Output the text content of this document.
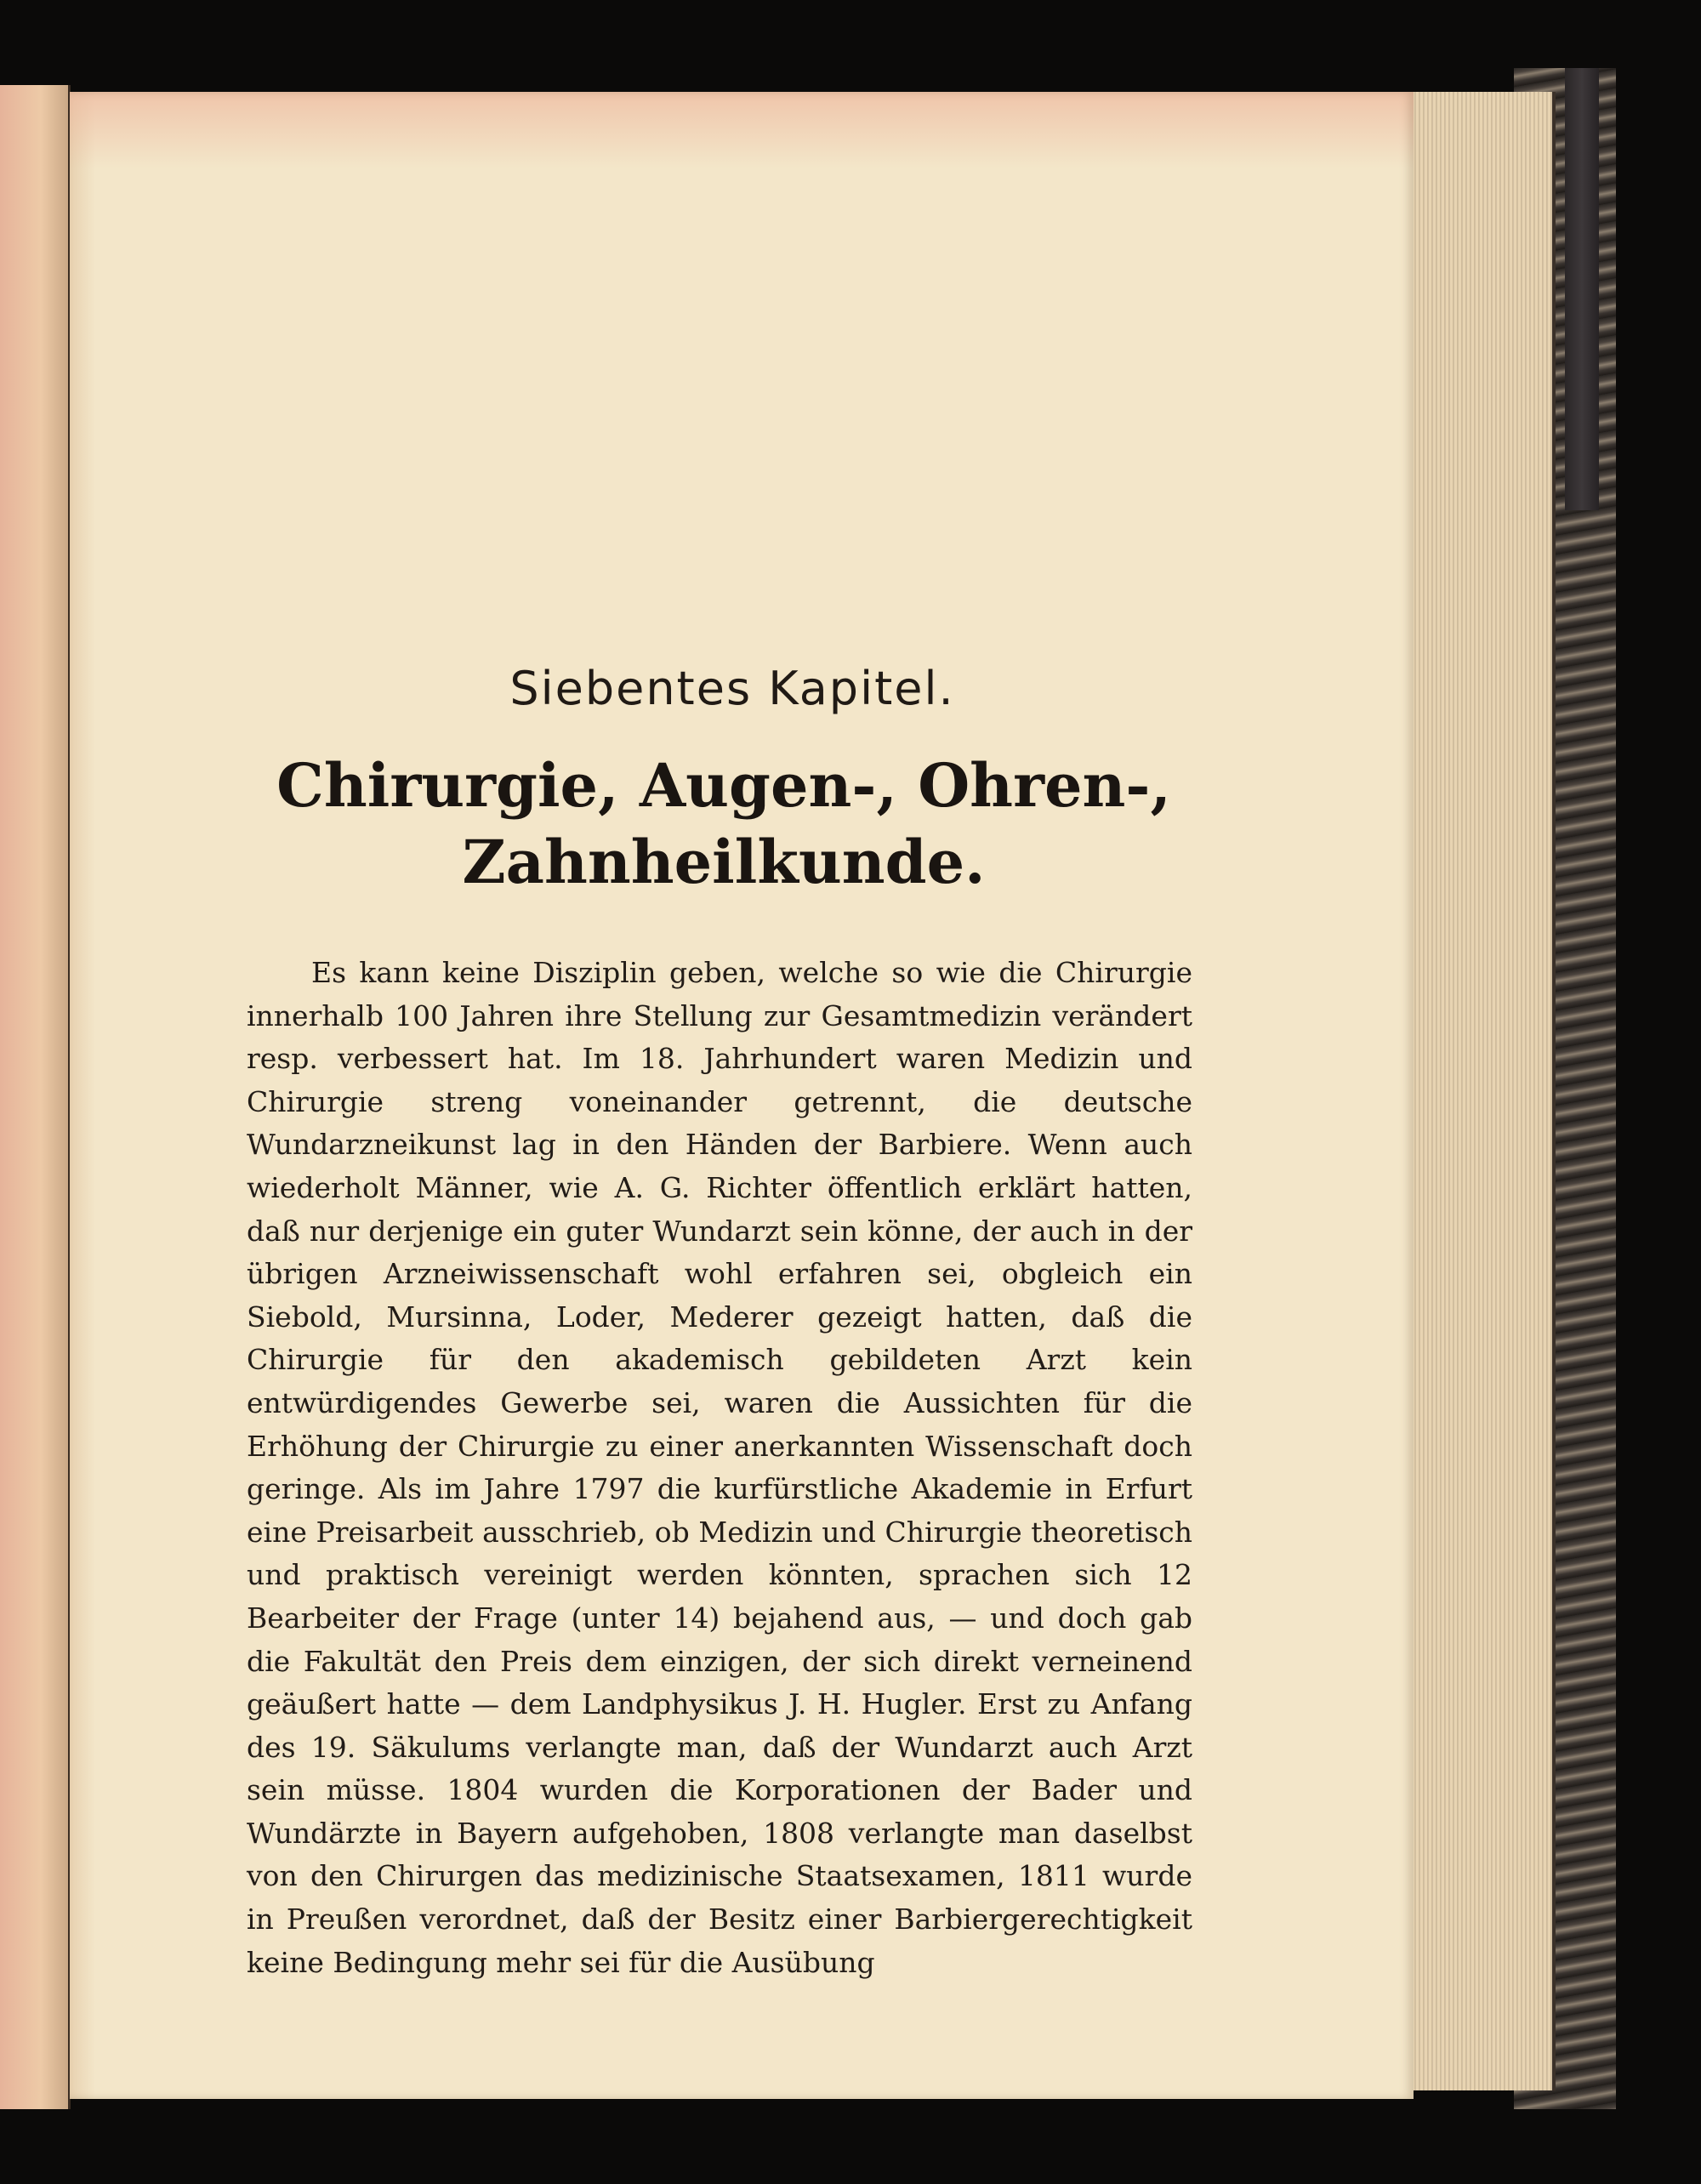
Siebentes Kapitel.
Chirurgie, Augen-, Ohren-, Zahnheilkunde.
Es kann keine Disziplin geben, welche so wie die Chirurgie innerhalb 100 Jahren ihre Stellung zur Gesamtmedizin verändert resp. verbessert hat. Im 18. Jahrhundert waren Medizin und Chirurgie streng voneinander getrennt, die deutsche Wundarzneikunst lag in den Händen der Barbiere. Wenn auch wiederholt Männer, wie A. G. Richter öffentlich erklärt hatten, daß nur derjenige ein guter Wundarzt sein könne, der auch in der übrigen Arzneiwissenschaft wohl erfahren sei, obgleich ein Siebold, Mursinna, Loder, Mederer gezeigt hatten, daß die Chirurgie für den akademisch gebildeten Arzt kein entwürdigendes Gewerbe sei, waren die Aussichten für die Erhöhung der Chirurgie zu einer anerkannten Wissenschaft doch geringe. Als im Jahre 1797 die kurfürstliche Akademie in Erfurt eine Preisarbeit ausschrieb, ob Medizin und Chirurgie theoretisch und praktisch vereinigt werden könnten, sprachen sich 12 Bearbeiter der Frage (unter 14) bejahend aus, — und doch gab die Fakultät den Preis dem einzigen, der sich direkt verneinend geäußert hatte — dem Landphysikus J. H. Hugler. Erst zu Anfang des 19. Säkulums verlangte man, daß der Wundarzt auch Arzt sein müsse. 1804 wurden die Korporationen der Bader und Wundärzte in Bayern aufgehoben, 1808 verlangte man daselbst von den Chirurgen das medizinische Staatsexamen, 1811 wurde in Preußen verordnet, daß der Besitz einer Barbiergerechtigkeit keine Bedingung mehr sei für die Ausübung
